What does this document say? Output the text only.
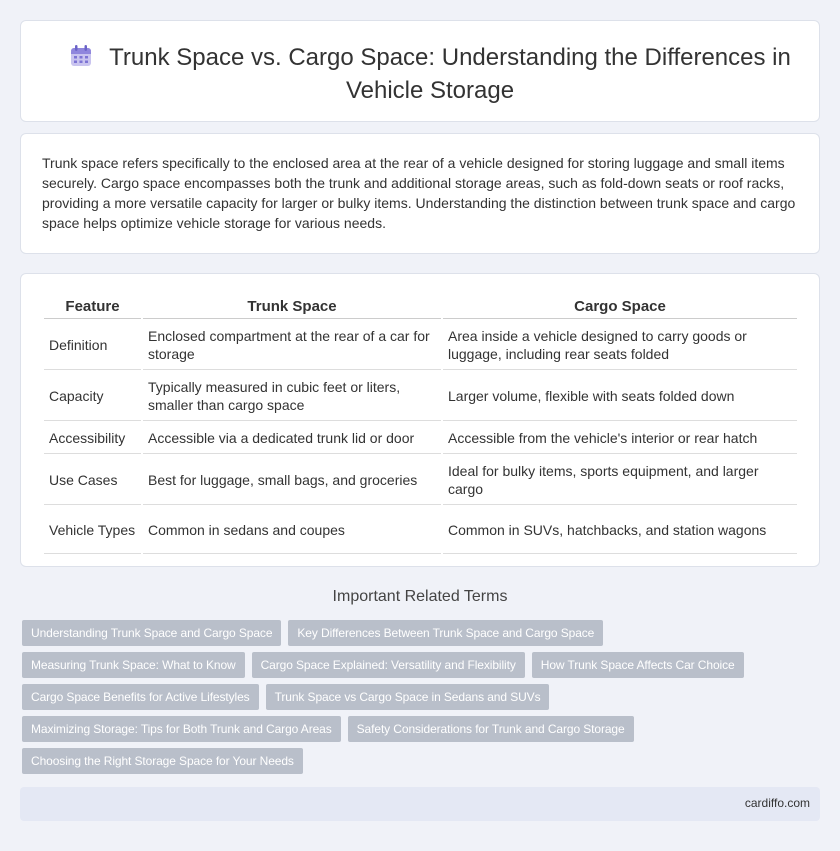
Trunk Space vs. Cargo Space: Understanding the Differences in Vehicle Storage
Trunk space refers specifically to the enclosed area at the rear of a vehicle designed for storing luggage and small items securely. Cargo space encompasses both the trunk and additional storage areas, such as fold-down seats or roof racks, providing a more versatile capacity for larger or bulky items. Understanding the distinction between trunk space and cargo space helps optimize vehicle storage for various needs.
Feature	Trunk Space	Cargo Space
Definition	Enclosed compartment at the rear of a car for storage	Area inside a vehicle designed to carry goods or luggage, including rear seats folded
Capacity	Typically measured in cubic feet or liters, smaller than cargo space	Larger volume, flexible with seats folded down
Accessibility	Accessible via a dedicated trunk lid or door	Accessible from the vehicle's interior or rear hatch
Use Cases	Best for luggage, small bags, and groceries	Ideal for bulky items, sports equipment, and larger cargo
Vehicle Types	Common in sedans and coupes	Common in SUVs, hatchbacks, and station wagons
Important Related Terms
Understanding Trunk Space and Cargo Space	Key Differences Between Trunk Space and Cargo Space
Measuring Trunk Space: What to Know	Cargo Space Explained: Versatility and Flexibility	How Trunk Space Affects Car Choice
Cargo Space Benefits for Active Lifestyles	Trunk Space vs Cargo Space in Sedans and SUVs
Maximizing Storage: Tips for Both Trunk and Cargo Areas	Safety Considerations for Trunk and Cargo Storage
Choosing the Right Storage Space for Your Needs
cardiffo.com
